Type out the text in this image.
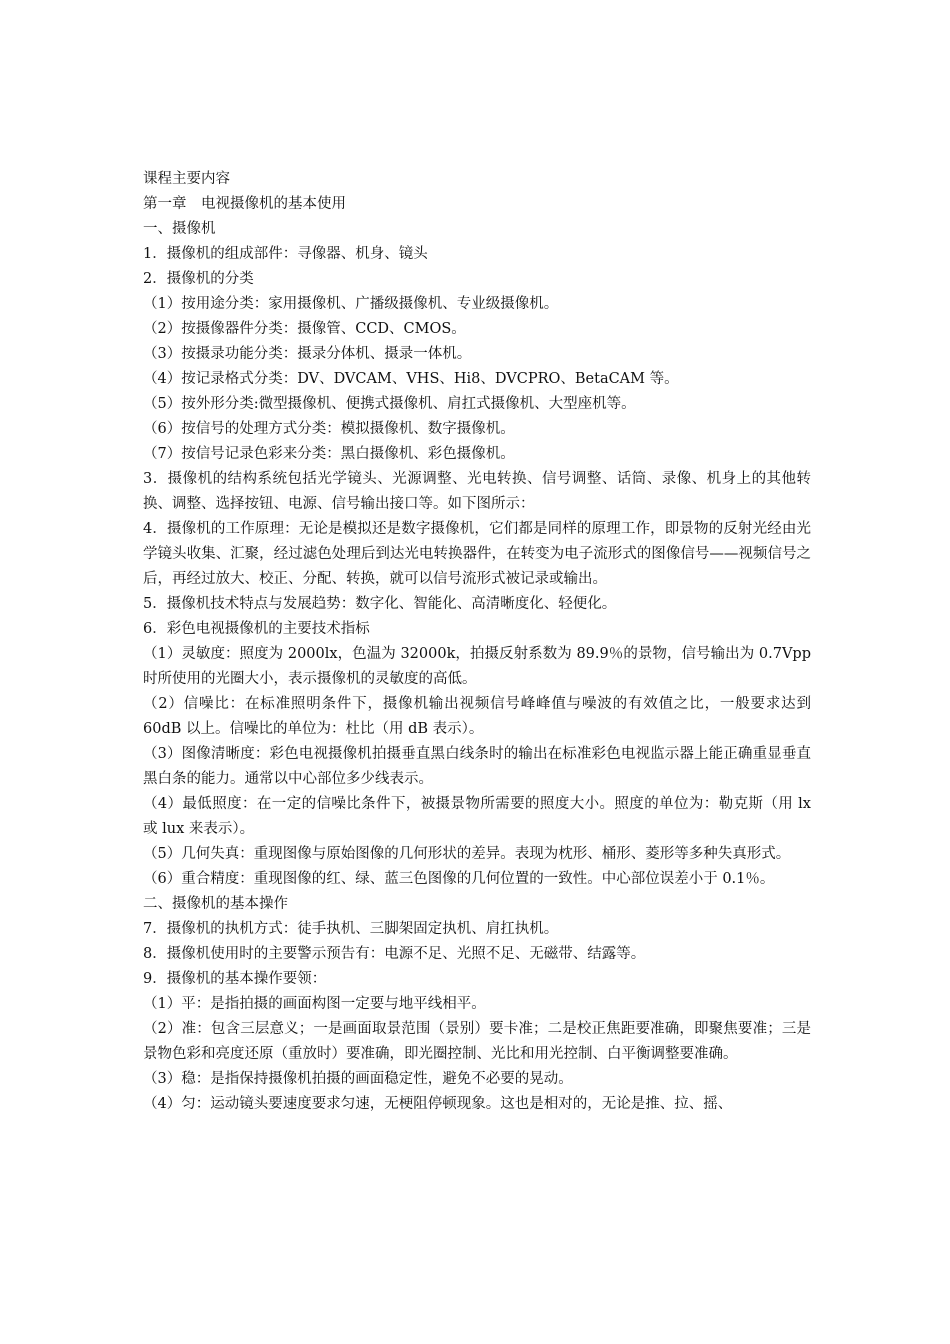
课程主要内容

第一章　电视摄像机的基本使用

一、摄像机

1．摄像机的组成部件：寻像器、机身、镜头

2．摄像机的分类

（1）按用途分类：家用摄像机、广播级摄像机、专业级摄像机。

（2）按摄像器件分类：摄像管、CCD、CMOS。

（3）按摄录功能分类：摄录分体机、摄录一体机。

（4）按记录格式分类：DV、DVCAM、VHS、Hi8、DVCPRO、BetaCAM 等。

（5）按外形分类:微型摄像机、便携式摄像机、肩扛式摄像机、大型座机等。

（6）按信号的处理方式分类：模拟摄像机、数字摄像机。

（7）按信号记录色彩来分类：黑白摄像机、彩色摄像机。

3．摄像机的结构系统包括光学镜头、光源调整、光电转换、信号调整、话筒、录像、机身上的其他转换、调整、选择按钮、电源、信号输出接口等。如下图所示：

4．摄像机的工作原理：无论是模拟还是数字摄像机，它们都是同样的原理工作，即景物的反射光经由光学镜头收集、汇聚，经过滤色处理后到达光电转换器件，在转变为电子流形式的图像信号——视频信号之后，再经过放大、校正、分配、转换，就可以信号流形式被记录或输出。

5．摄像机技术特点与发展趋势：数字化、智能化、高清晰度化、轻便化。

6．彩色电视摄像机的主要技术指标

（1）灵敏度：照度为 2000lx，色温为 32000k，拍摄反射系数为 89.9％的景物，信号输出为 0.7Vpp 时所使用的光圈大小，表示摄像机的灵敏度的高低。

（2）信噪比：在标准照明条件下，摄像机输出视频信号峰峰值与噪波的有效值之比，一般要求达到 60dB 以上。信噪比的单位为：杜比（用 dB 表示）。

（3）图像清晰度：彩色电视摄像机拍摄垂直黑白线条时的输出在标准彩色电视监示器上能正确重显垂直黑白条的能力。通常以中心部位多少线表示。

（4）最低照度：在一定的信噪比条件下，被摄景物所需要的照度大小。照度的单位为：勒克斯（用 lx 或 lux 来表示）。

（5）几何失真：重现图像与原始图像的几何形状的差异。表现为枕形、桶形、菱形等多种失真形式。

（6）重合精度：重现图像的红、绿、蓝三色图像的几何位置的一致性。中心部位误差小于 0.1％。

二、摄像机的基本操作

7．摄像机的执机方式：徒手执机、三脚架固定执机、肩扛执机。

8．摄像机使用时的主要警示预告有：电源不足、光照不足、无磁带、结露等。

9．摄像机的基本操作要领：

（1）平：是指拍摄的画面构图一定要与地平线相平。

（2）准：包含三层意义；一是画面取景范围（景别）要卡准；二是校正焦距要准确，即聚焦要准；三是景物色彩和亮度还原（重放时）要准确，即光圈控制、光比和用光控制、白平衡调整要准确。

（3）稳：是指保持摄像机拍摄的画面稳定性，避免不必要的晃动。

（4）匀：运动镜头要速度要求匀速，无梗阻停顿现象。这也是相对的，无论是推、拉、摇、
